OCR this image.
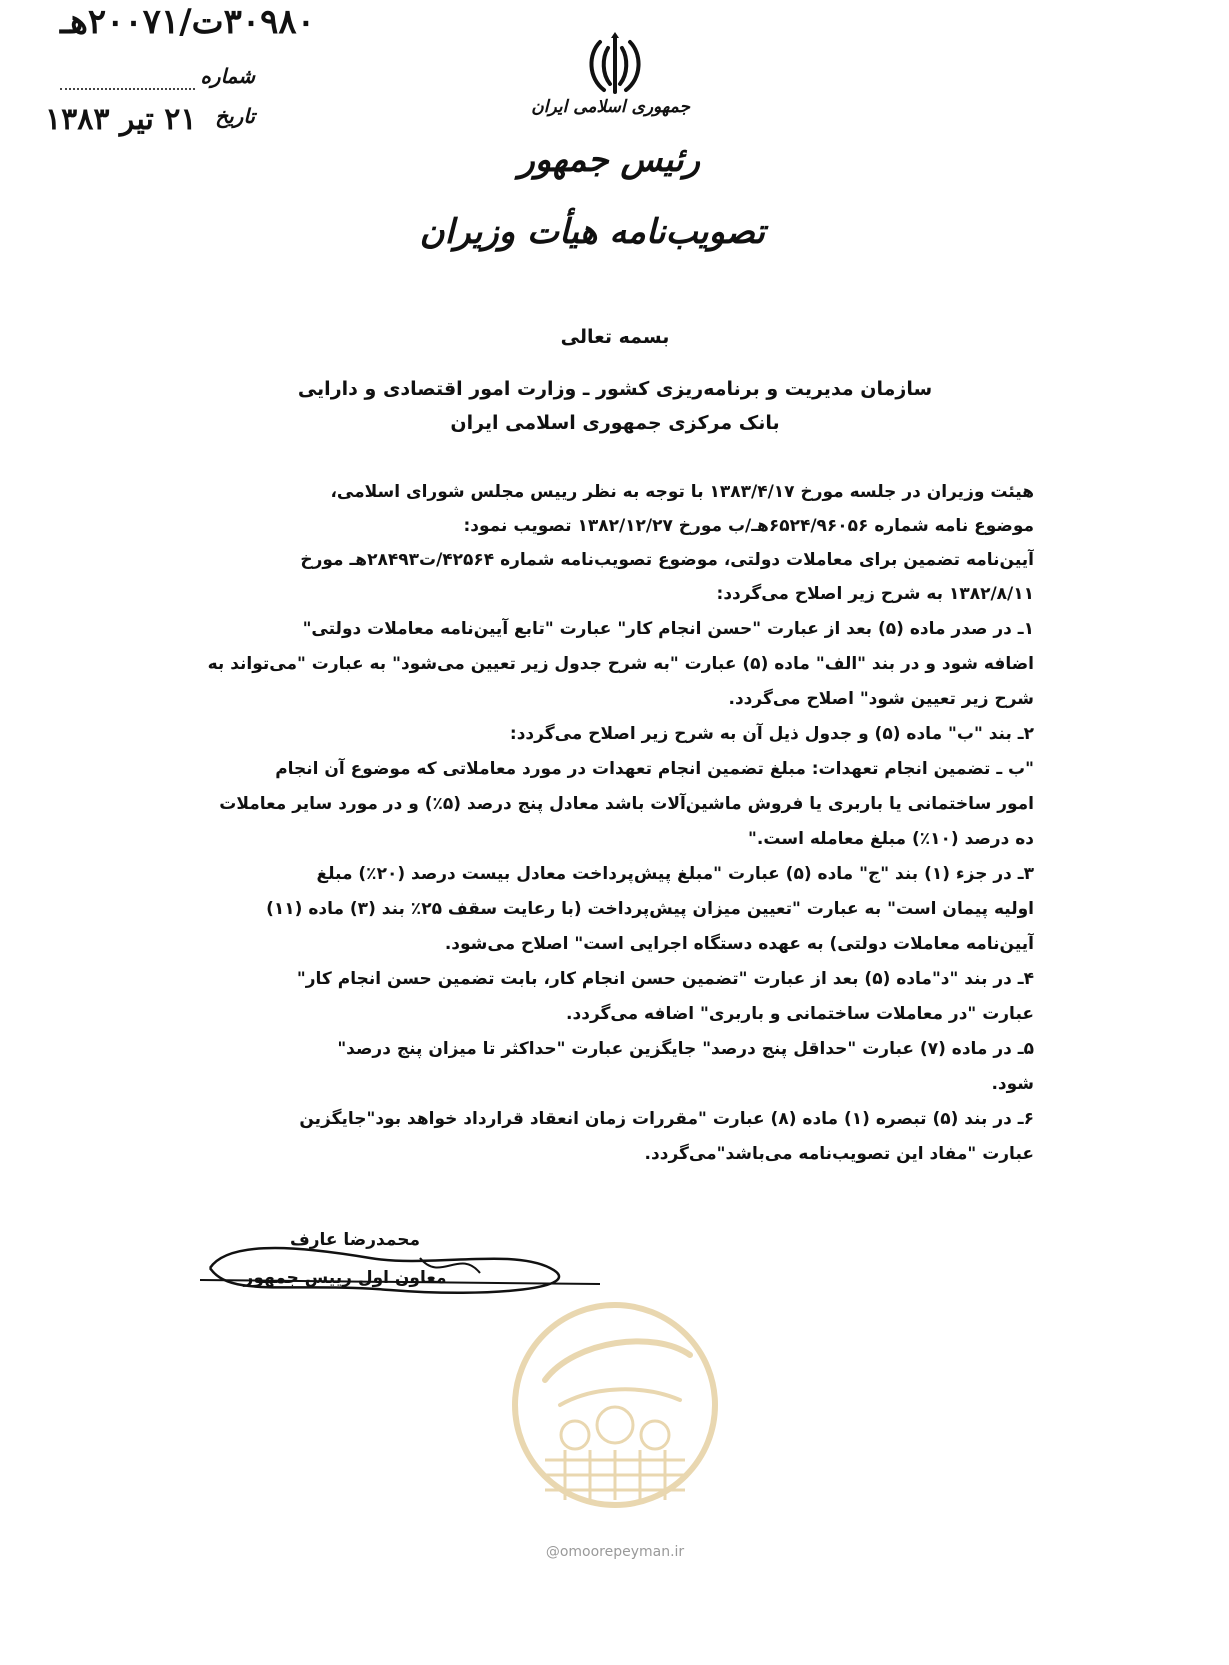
۳۰۹۸۰ت/۲۰۰۷۱هـ
شماره
تاریخ
۲۱ تیر ۱۳۸۳	جمهوری اسلامی ایران
رئیس جمهور
تصویب‌نامه هیأت وزیران
بسمه تعالی
سازمان مدیریت و برنامه‌ریزی کشور ـ وزارت امور اقتصادی و دارایی
بانک مرکزی جمهوری اسلامی ایران
هیئت وزیران در جلسه مورخ ۱۳۸۳/۴/۱۷ با توجه به نظر رییس مجلس شورای اسلامی،
موضوع نامه شماره ۶۵۲۴/۹۶۰۵۶هـ/ب مورخ ۱۳۸۲/۱۲/۲۷ تصویب نمود:
آیین‌نامه تضمین برای معاملات دولتی، موضوع تصویب‌نامه شماره ۴۲۵۶۴/ت۲۸۴۹۳هـ مورخ
۱۳۸۲/۸/۱۱ به شرح زیر اصلاح می‌گردد:
۱ـ در صدر ماده (۵) بعد از عبارت "حسن انجام کار" عبارت "تابع آیین‌نامه معاملات دولتی"
اضافه شود و در بند "الف" ماده (۵) عبارت "به شرح جدول زیر تعیین می‌شود" به عبارت "می‌تواند به
شرح زیر تعیین شود" اصلاح می‌گردد.
۲ـ بند "ب" ماده (۵) و جدول ذیل آن به شرح زیر اصلاح می‌گردد:
"ب ـ تضمین انجام تعهدات: مبلغ تضمین انجام تعهدات در مورد معاملاتی که موضوع آن انجام
امور ساختمانی یا باربری یا فروش ماشین‌آلات باشد معادل پنج درصد (۵٪) و در مورد سایر معاملات
ده درصد (۱۰٪) مبلغ معامله است."
۳ـ در جزء (۱) بند "ج" ماده (۵) عبارت "مبلغ پیش‌پرداخت معادل بیست درصد (۲۰٪) مبلغ
اولیه پیمان است" به عبارت "تعیین میزان پیش‌پرداخت (با رعایت سقف ۲۵٪ بند (۳) ماده (۱۱)
آیین‌نامه معاملات دولتی) به عهده دستگاه اجرایی است" اصلاح می‌شود.
۴ـ در بند "د"ماده (۵) بعد از عبارت "تضمین حسن انجام کار، بابت تضمین حسن انجام کار"
عبارت "در معاملات ساختمانی و باربری" اضافه می‌گردد.
۵ـ در ماده (۷) عبارت "حداقل پنج درصد" جایگزین عبارت "حداکثر تا میزان پنج درصد"
شود.
۶ـ در بند (۵) تبصره (۱) ماده (۸) عبارت "مقررات زمان انعقاد قرارداد خواهد بود"جایگزین
عبارت "مفاد این تصویب‌نامه می‌باشد"می‌گردد.
محمدرضا عارف
معاون اول رییس جمهور
@omoorepeyman.ir
